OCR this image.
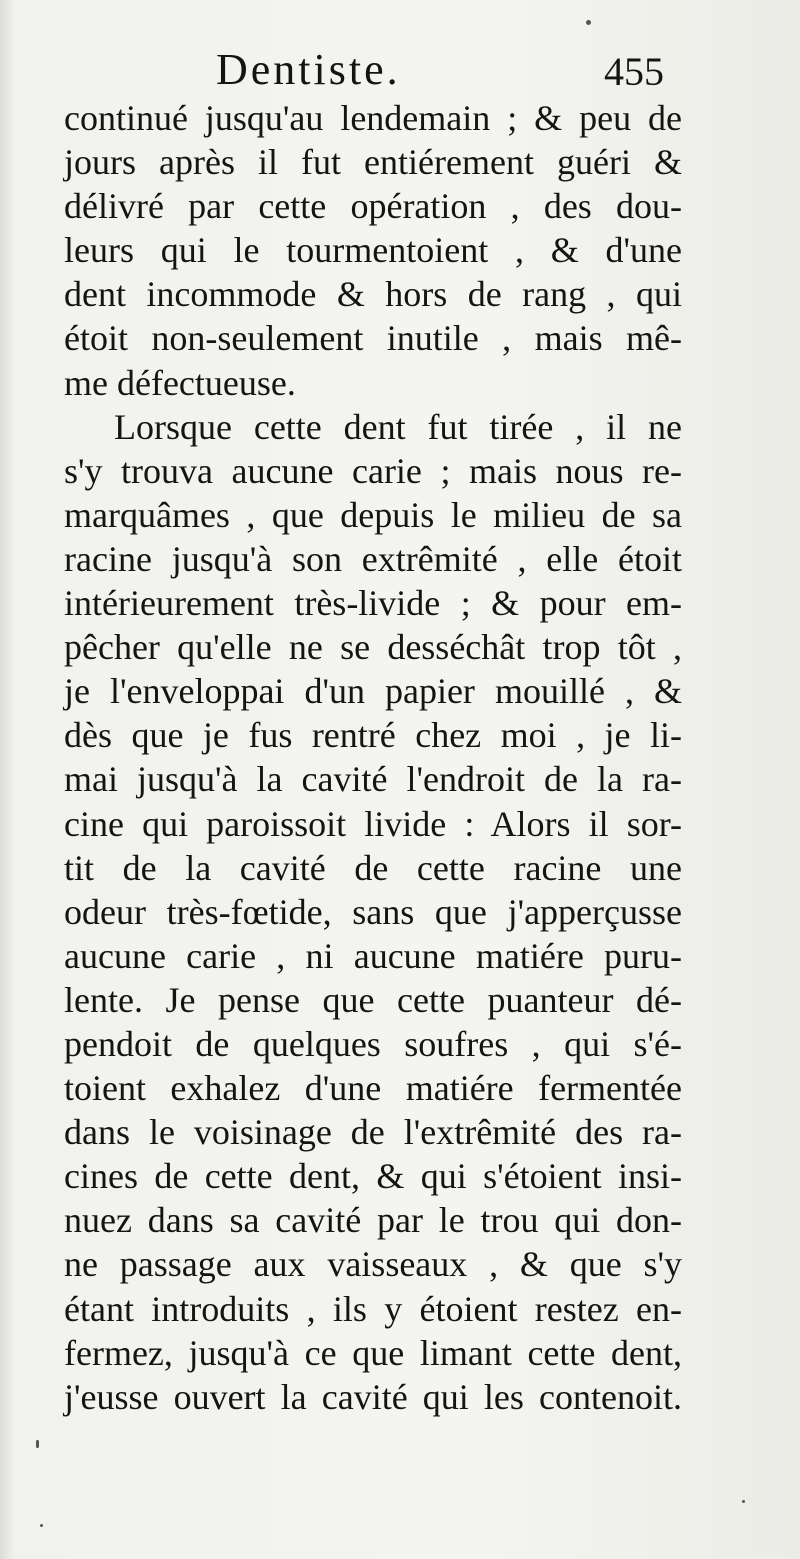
Dentiste.	455
continué jusqu'au lendemain ; & peu de
jours après il fut entiérement guéri &
délivré par cette opération , des dou-
leurs qui le tourmentoient , & d'une
dent incommode & hors de rang , qui
étoit non-seulement inutile , mais mê-
me défectueuse.
Lorsque cette dent fut tirée , il ne
s'y trouva aucune carie ; mais nous re-
marquâmes , que depuis le milieu de sa
racine jusqu'à son extrêmité , elle étoit
intérieurement très-livide ; & pour em-
pêcher qu'elle ne se desséchât trop tôt ,
je l'enveloppai d'un papier mouillé , &
dès que je fus rentré chez moi , je li-
mai jusqu'à la cavité l'endroit de la ra-
cine qui paroissoit livide : Alors il sor-
tit de la cavité de cette racine une
odeur très-fœtide, sans que j'apperçusse
aucune carie , ni aucune matiére puru-
lente. Je pense que cette puanteur dé-
pendoit de quelques soufres , qui s'é-
toient exhalez d'une matiére fermentée
dans le voisinage de l'extrêmité des ra-
cines de cette dent, & qui s'étoient insi-
nuez dans sa cavité par le trou qui don-
ne passage aux vaisseaux , & que s'y
étant introduits , ils y étoient restez en-
fermez, jusqu'à ce que limant cette dent,
j'eusse ouvert la cavité qui les contenoit.
